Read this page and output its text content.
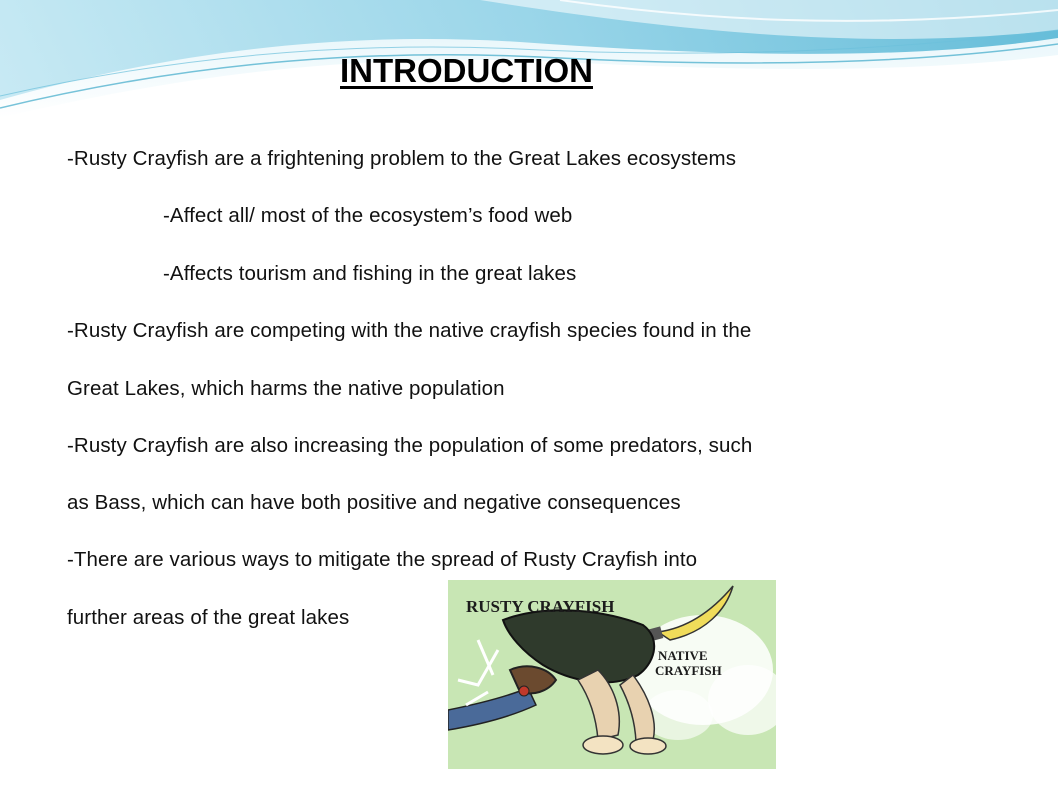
INTRODUCTION
-Rusty Crayfish are a frightening problem to the Great Lakes ecosystems
-Affect all/ most of the ecosystem’s food web
-Affects tourism and fishing in the great lakes
-Rusty Crayfish are competing with the native crayfish species found in the
Great Lakes, which harms the native population
-Rusty Crayfish are also increasing the population of some predators, such
as Bass, which can have both positive and negative consequences
-There are various ways to mitigate the spread of Rusty Crayfish into
further areas of the great lakes	RUSTY CRAYFISH
NATIVE
CRAYFISH
